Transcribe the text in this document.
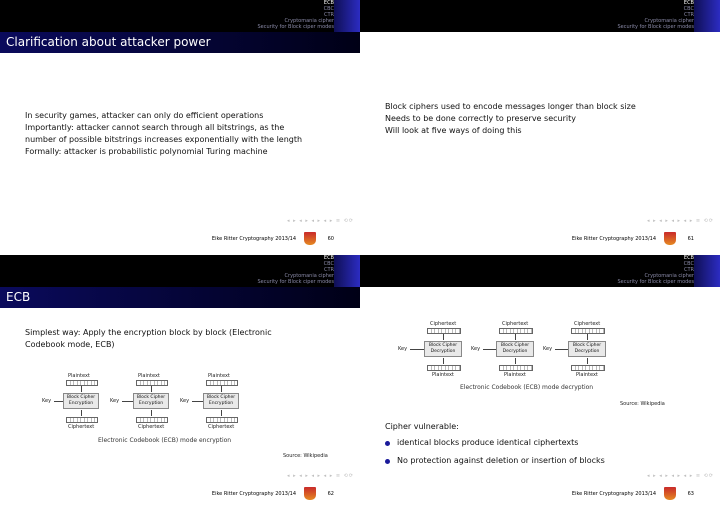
ECB
CBC
CTR
Cryptomania cipher
Security for Block ciper modes
Clarification about attacker power
In security games, attacker can only do efficient operations
Importantly: attacker cannot search through all bitstrings, as the
number of possible bitstrings increases exponentially with the length
Formally: attacker is probabilistic polynomial Turing machine
◂ ▸ ◂ ▸ ◂ ▸ ◂ ▸ ≡ ⟲⟳
Eike Ritter Cryptography 2013/14	60
ECB
CBC
CTR
Cryptomania cipher
Security for Block ciper modes
Block ciphers used to encode messages longer than block size
Needs to be done correctly to preserve security
Will look at five ways of doing this
◂ ▸ ◂ ▸ ◂ ▸ ◂ ▸ ≡ ⟲⟳
Eike Ritter Cryptography 2013/14	61
ECB
CBC
CTR
Cryptomania cipher
Security for Block ciper modes
ECB
Simplest way: Apply the encryption block by block (Electronic
Codebook mode, ECB)
Plaintext	Plaintext	Plaintext
Block Cipher
Encryption
Block Cipher
Encryption
Block Cipher
Encryption
Key	Key	Key
Ciphertext	Ciphertext	Ciphertext
Electronic Codebook (ECB) mode encryption
Source: Wikipedia
◂ ▸ ◂ ▸ ◂ ▸ ◂ ▸ ≡ ⟲⟳
Eike Ritter Cryptography 2013/14	62
ECB
CBC
CTR
Cryptomania cipher
Security for Block ciper modes
Ciphertext	Ciphertext	Ciphertext
Block Cipher
Decryption
Block Cipher
Decryption
Block Cipher
Decryption
Key	Key	Key
Plaintext	Plaintext	Plaintext
Electronic Codebook (ECB) mode decryption
Source: Wikipedia
Cipher vulnerable:
identical blocks produce identical ciphertexts
No protection against deletion or insertion of blocks
◂ ▸ ◂ ▸ ◂ ▸ ◂ ▸ ≡ ⟲⟳
Eike Ritter Cryptography 2013/14	63
